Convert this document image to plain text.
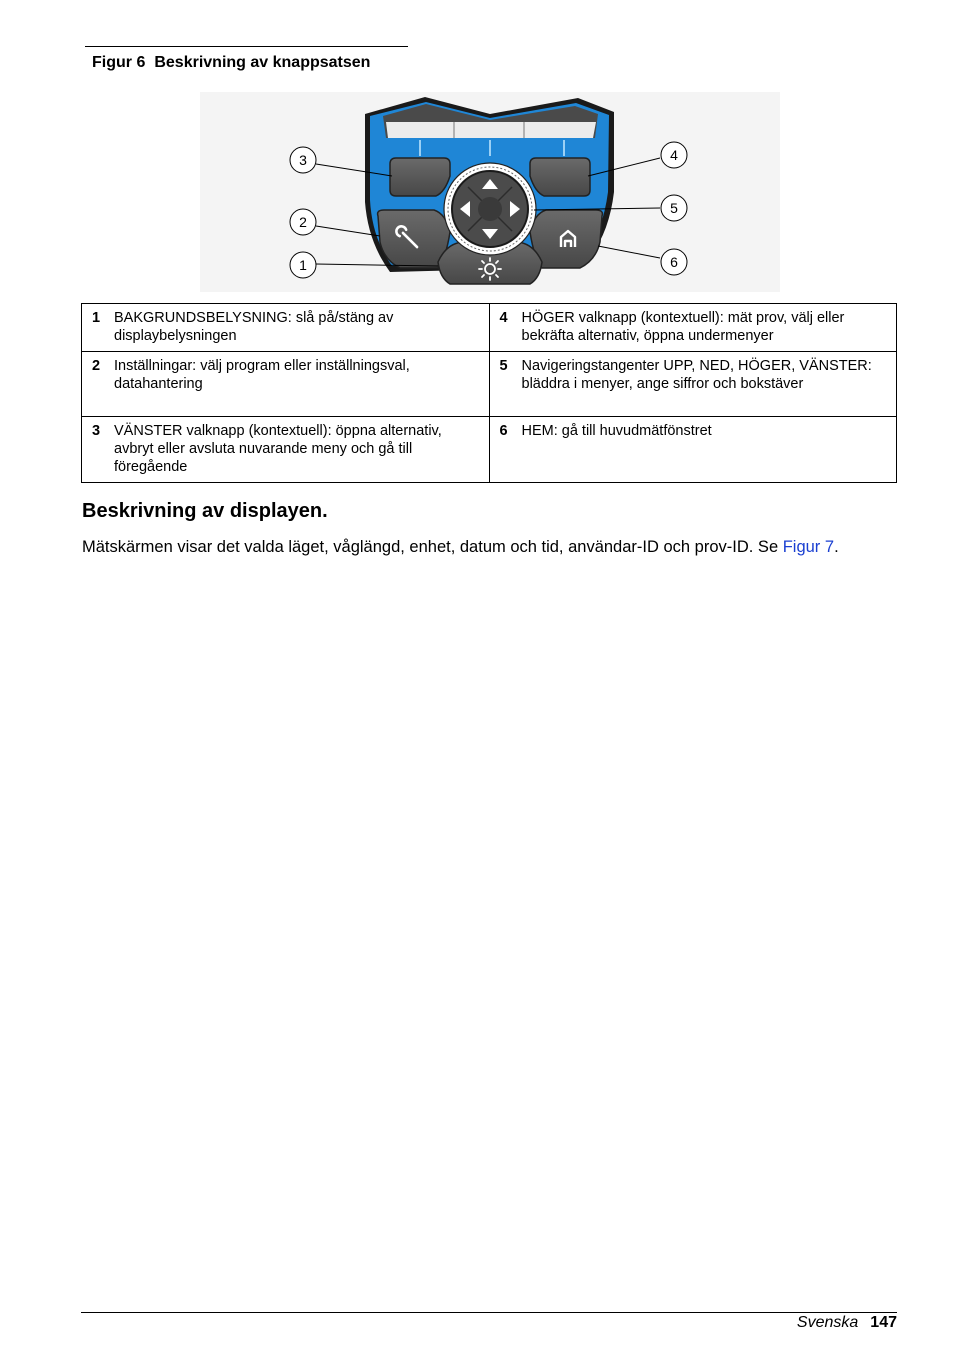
Figur 6 Beskrivning av knappsatsen
3
2
1
4
5
6
1 BAKGRUNDSBELYSNING: slå på/stäng av displaybelysningen	4 HÖGER valknapp (kontextuell): mät prov, välj eller bekräfta alternativ, öppna undermenyer
2 Inställningar: välj program eller inställningsval, datahantering	5 Navigeringstangenter UPP, NED, HÖGER, VÄNSTER: bläddra i menyer, ange siffror och bokstäver
3 VÄNSTER valknapp (kontextuell): öppna alternativ, avbryt eller avsluta nuvarande meny och gå till föregående	6 HEM: gå till huvudmätfönstret
Beskrivning av displayen.

Mätskärmen visar det valda läget, våglängd, enhet, datum och tid, användar-ID och prov-ID. Se Figur 7.

Svenska 147
